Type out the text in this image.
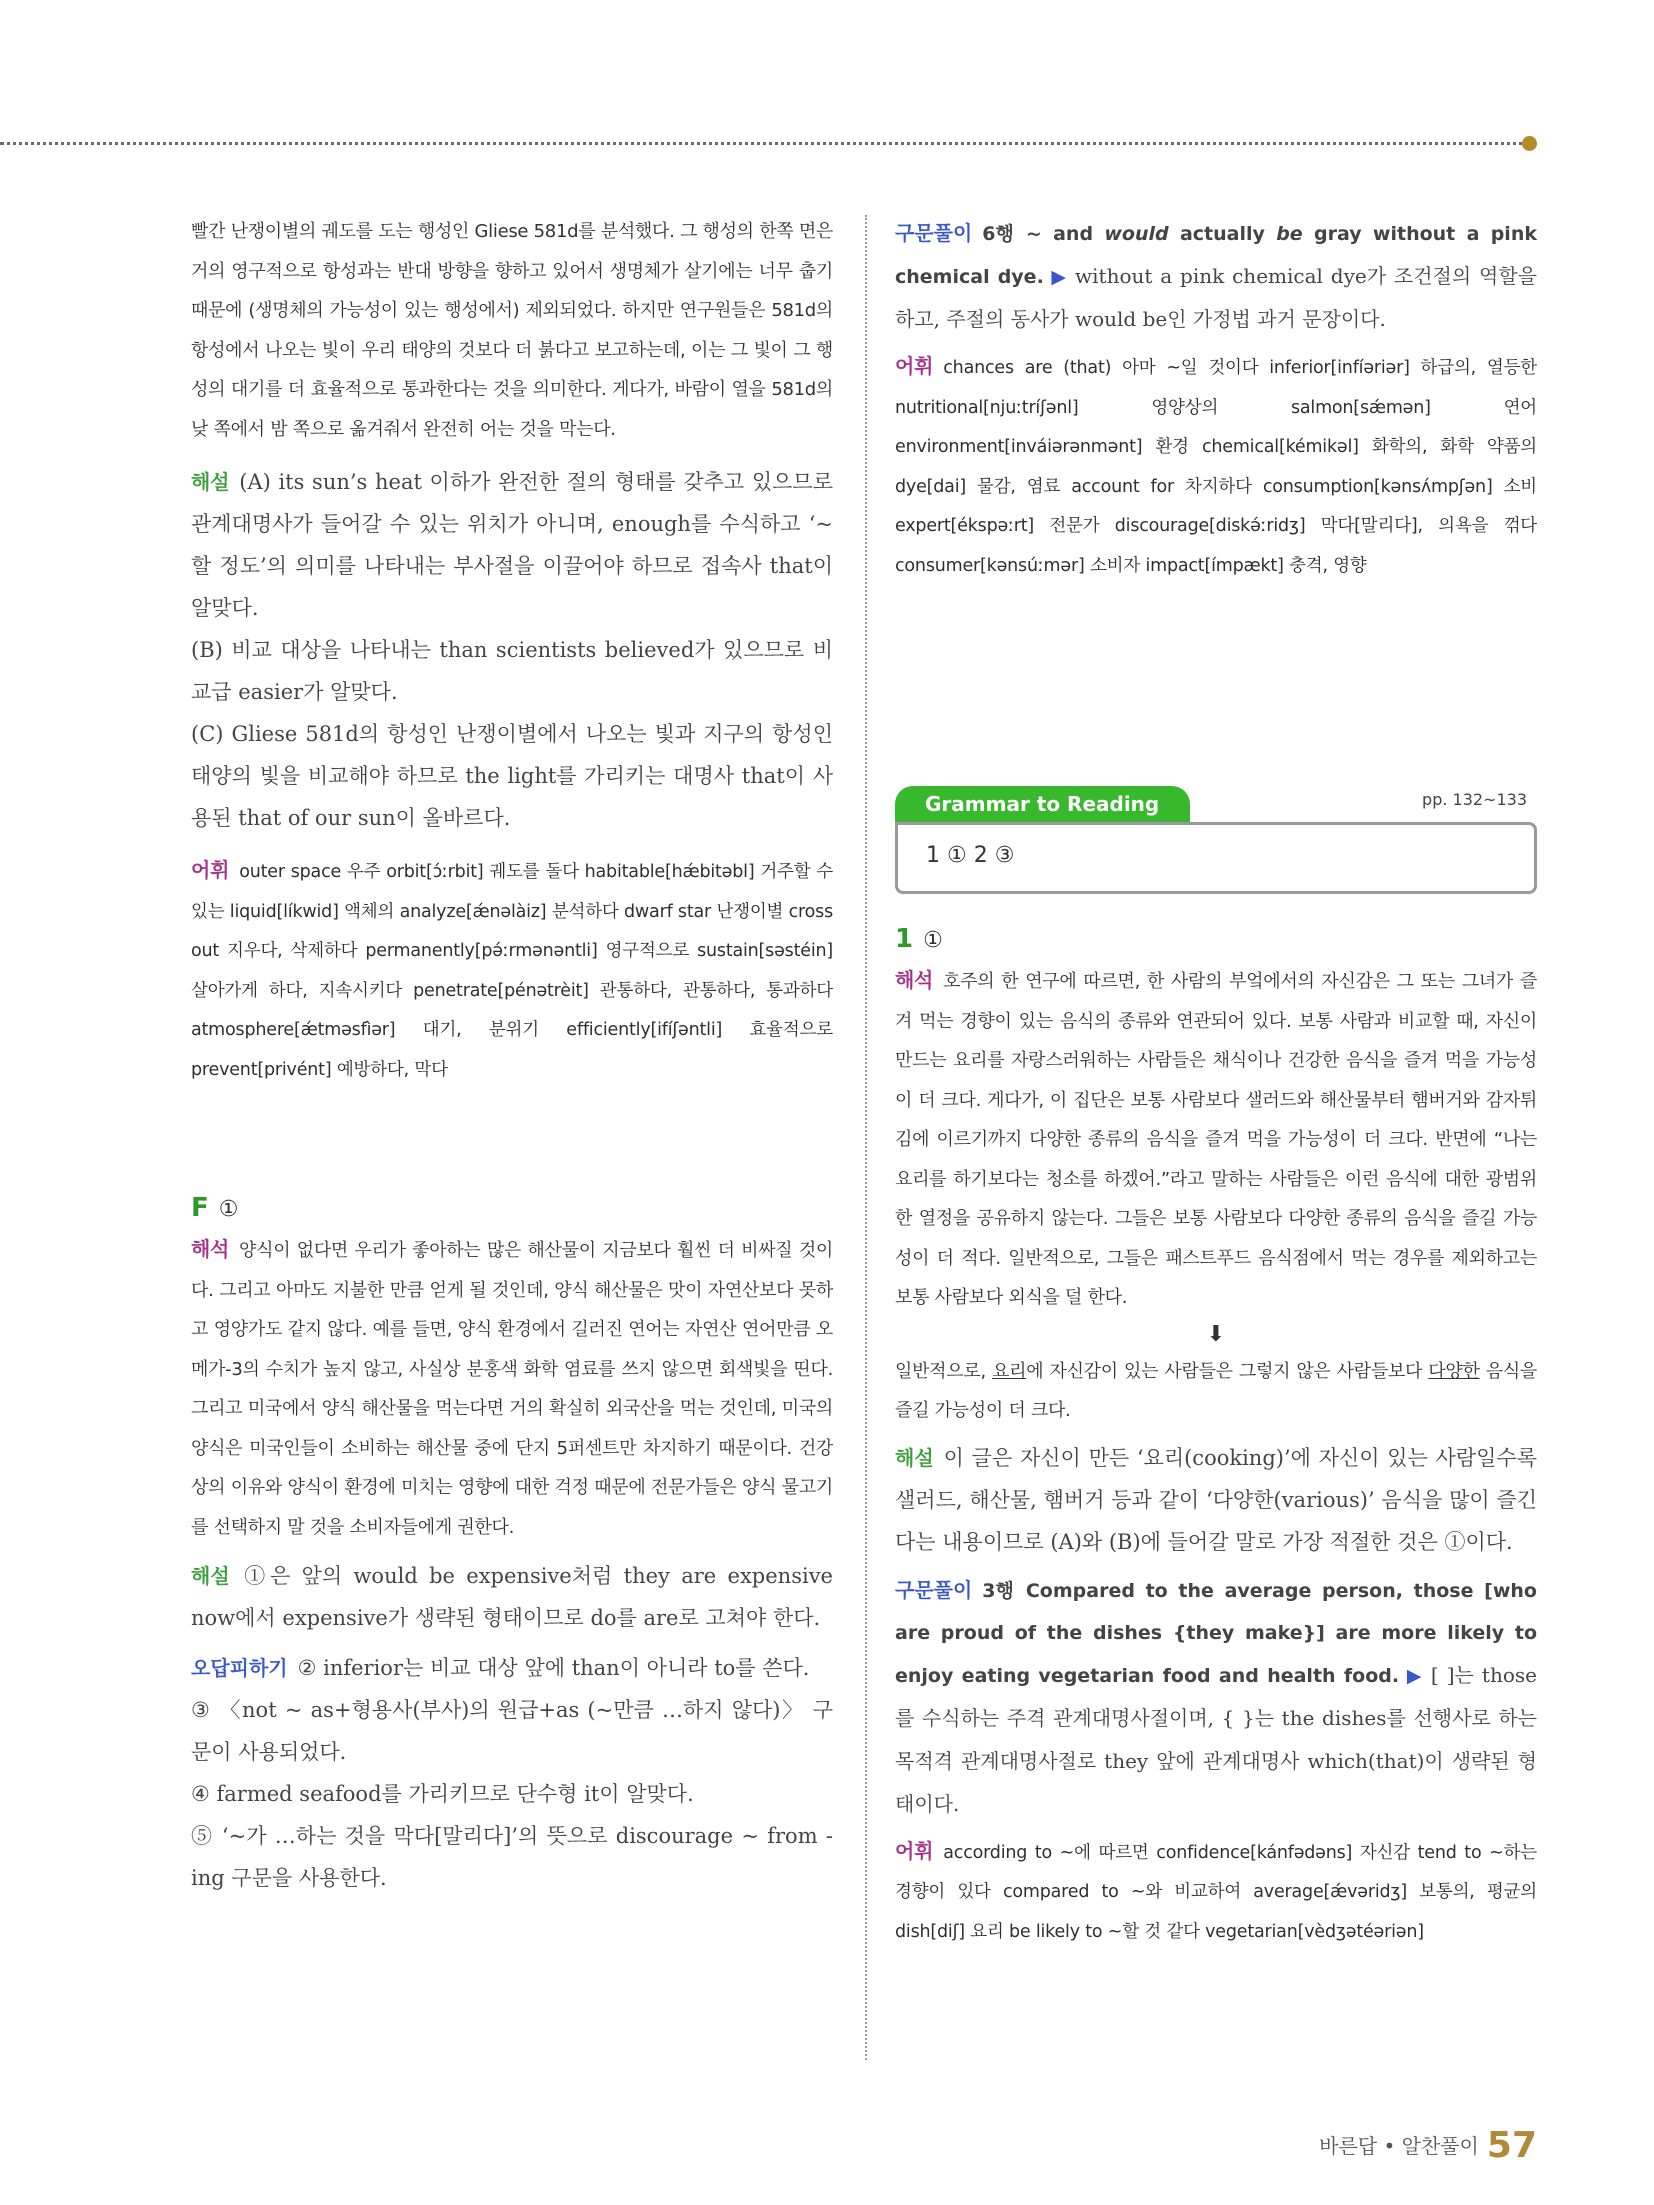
빨간 난쟁이별의 궤도를 도는 행성인 Gliese 581d를 분석했다. 그 행성의 한쪽 면은 거의 영구적으로 항성과는 반대 방향을 향하고 있어서 생명체가 살기에는 너무 춥기 때문에 (생명체의 가능성이 있는 행성에서) 제외되었다. 하지만 연구원들은 581d의 항성에서 나오는 빛이 우리 태양의 것보다 더 붉다고 보고하는데, 이는 그 빛이 그 행성의 대기를 더 효율적으로 통과한다는 것을 의미한다. 게다가, 바람이 열을 581d의 낮 쪽에서 밤 쪽으로 옮겨줘서 완전히 어는 것을 막는다.

해설 (A) its sun’s heat 이하가 완전한 절의 형태를 갖추고 있으므로 관계대명사가 들어갈 수 있는 위치가 아니며, enough를 수식하고 ‘~할 정도’의 의미를 나타내는 부사절을 이끌어야 하므로 접속사 that이 알맞다.

(B) 비교 대상을 나타내는 than scientists believed가 있으므로 비교급 easier가 알맞다.

(C) Gliese 581d의 항성인 난쟁이별에서 나오는 빛과 지구의 항성인 태양의 빛을 비교해야 하므로 the light를 가리키는 대명사 that이 사용된 that of our sun이 올바르다.

어휘 outer space 우주 orbit[ɔ́ːrbit] 궤도를 돌다 habitable[hǽbitəbl] 거주할 수 있는 liquid[líkwid] 액체의 analyze[ǽnəlàiz] 분석하다 dwarf star 난쟁이별 cross out 지우다, 삭제하다 permanently[pə́ːrmənəntli] 영구적으로 sustain[səstéin] 살아가게 하다, 지속시키다 penetrate[pénətrèit] 관통하다, 관통하다, 통과하다 atmosphere[ǽtməsfìər] 대기, 분위기 efficiently[ifíʃəntli] 효율적으로 prevent[privént] 예방하다, 막다

F ①

해석 양식이 없다면 우리가 좋아하는 많은 해산물이 지금보다 훨씬 더 비싸질 것이다. 그리고 아마도 지불한 만큼 얻게 될 것인데, 양식 해산물은 맛이 자연산보다 못하고 영양가도 같지 않다. 예를 들면, 양식 환경에서 길러진 연어는 자연산 연어만큼 오메가-3의 수치가 높지 않고, 사실상 분홍색 화학 염료를 쓰지 않으면 회색빛을 띤다. 그리고 미국에서 양식 해산물을 먹는다면 거의 확실히 외국산을 먹는 것인데, 미국의 양식은 미국인들이 소비하는 해산물 중에 단지 5퍼센트만 차지하기 때문이다. 건강상의 이유와 양식이 환경에 미치는 영향에 대한 걱정 때문에 전문가들은 양식 물고기를 선택하지 말 것을 소비자들에게 권한다.

해설 ①은 앞의 would be expensive처럼 they are expensive now에서 expensive가 생략된 형태이므로 do를 are로 고쳐야 한다.

오답피하기 ② inferior는 비교 대상 앞에 than이 아니라 to를 쓴다.

③ 〈not ~ as+형용사(부사)의 원급+as (~만큼 …하지 않다)〉 구문이 사용되었다.

④ farmed seafood를 가리키므로 단수형 it이 알맞다.

⑤ ‘~가 …하는 것을 막다[말리다]’의 뜻으로 discourage ~ from -ing 구문을 사용한다.

구문풀이 6행 ~ and would actually be gray without a pink chemical dye. ▶ without a pink chemical dye가 조건절의 역할을 하고, 주절의 동사가 would be인 가정법 과거 문장이다.

어휘 chances are (that) 아마 ~일 것이다 inferior[infíəriər] 하급의, 열등한 nutritional[njuːtríʃənl] 영양상의 salmon[sǽmən] 연어 environment[inváiərənmənt] 환경 chemical[kémikəl] 화학의, 화학 약품의 dye[dai] 물감, 염료 account for 차지하다 consumption[kənsʌ́mpʃən] 소비 expert[ékspəːrt] 전문가 discourage[diskə́ːridʒ] 막다[말리다], 의욕을 꺾다 consumer[kənsúːmər] 소비자 impact[ímpækt] 충격, 영향

Grammar to Reading	pp. 132~133
1 ① 2 ③

1 ①

해석 호주의 한 연구에 따르면, 한 사람의 부엌에서의 자신감은 그 또는 그녀가 즐겨 먹는 경향이 있는 음식의 종류와 연관되어 있다. 보통 사람과 비교할 때, 자신이 만드는 요리를 자랑스러워하는 사람들은 채식이나 건강한 음식을 즐겨 먹을 가능성이 더 크다. 게다가, 이 집단은 보통 사람보다 샐러드와 해산물부터 햄버거와 감자튀김에 이르기까지 다양한 종류의 음식을 즐겨 먹을 가능성이 더 크다. 반면에 “나는 요리를 하기보다는 청소를 하겠어.”라고 말하는 사람들은 이런 음식에 대한 광범위한 열정을 공유하지 않는다. 그들은 보통 사람보다 다양한 종류의 음식을 즐길 가능성이 더 적다. 일반적으로, 그들은 패스트푸드 음식점에서 먹는 경우를 제외하고는 보통 사람보다 외식을 덜 한다.

⬇

일반적으로, 요리에 자신감이 있는 사람들은 그렇지 않은 사람들보다 다양한 음식을 즐길 가능성이 더 크다.

해설 이 글은 자신이 만든 ‘요리(cooking)’에 자신이 있는 사람일수록 샐러드, 해산물, 햄버거 등과 같이 ‘다양한(various)’ 음식을 많이 즐긴다는 내용이므로 (A)와 (B)에 들어갈 말로 가장 적절한 것은 ①이다.

구문풀이 3행 Compared to the average person, those [who are proud of the dishes {they make}] are more likely to enjoy eating vegetarian food and health food. ▶ [ ]는 those를 수식하는 주격 관계대명사절이며, { }는 the dishes를 선행사로 하는 목적격 관계대명사절로 they 앞에 관계대명사 which(that)이 생략된 형태이다.

어휘 according to ~에 따르면 confidence[kánfədəns] 자신감 tend to ~하는 경향이 있다 compared to ~와 비교하여 average[ǽvəridʒ] 보통의, 평균의 dish[diʃ] 요리 be likely to ~할 것 같다 vegetarian[vèdʒətéəriən]

바른답 • 알찬풀이 57
